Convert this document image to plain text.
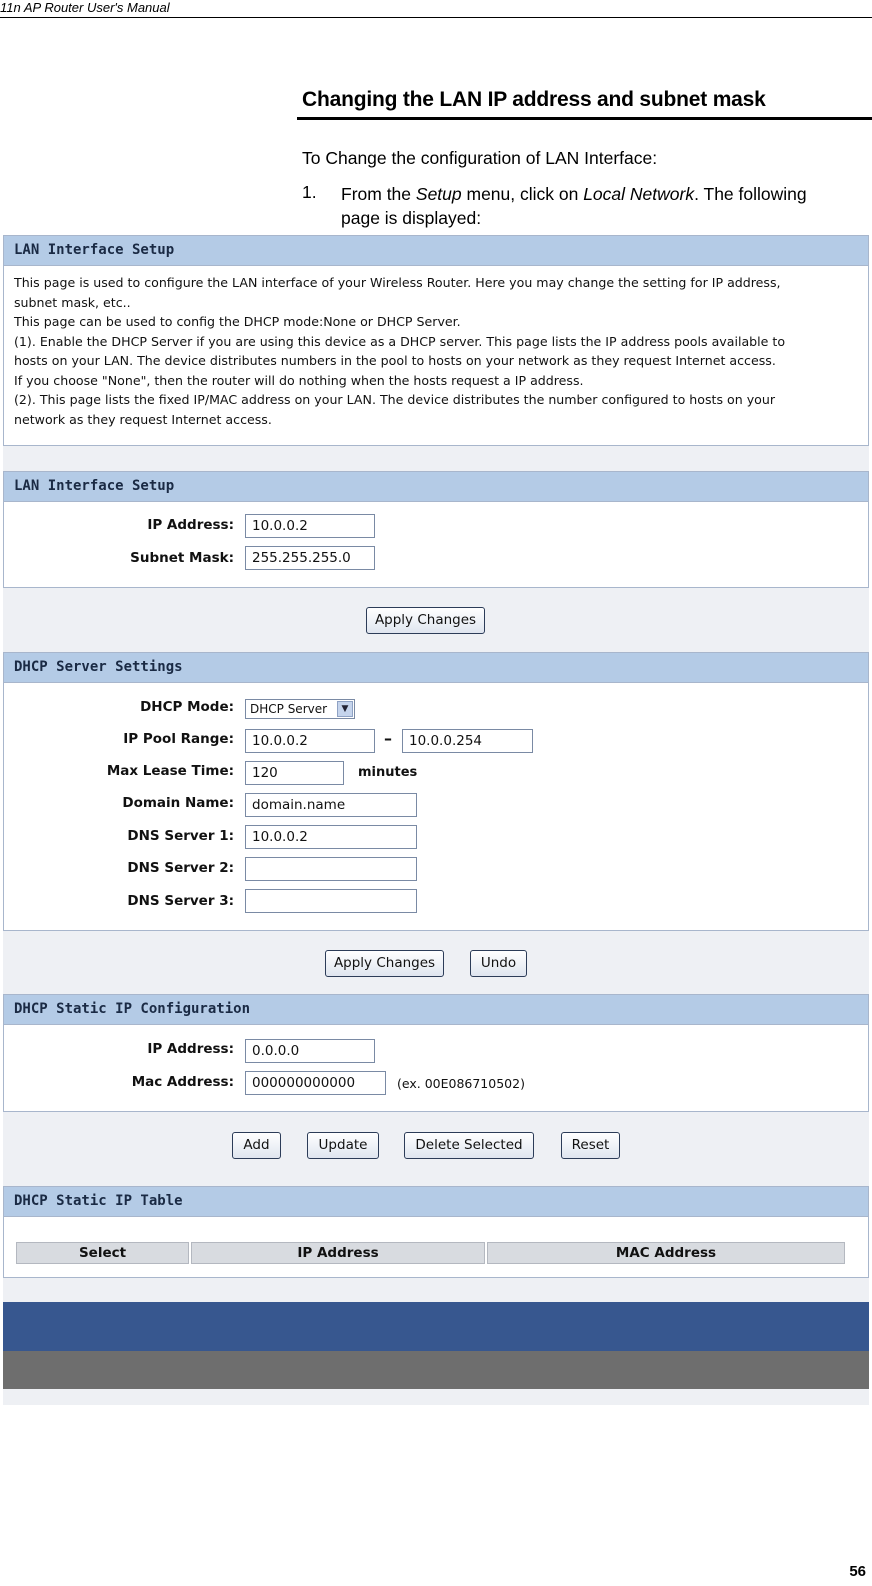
11n AP Router User's Manual
Changing the LAN IP address and subnet mask
To Change the configuration of LAN Interface:
1. From the Setup menu, click on Local Network. The following page is displayed:
LAN Interface Setup
This page is used to configure the LAN interface of your Wireless Router. Here you may change the setting for IP address,
subnet mask, etc..
This page can be used to config the DHCP mode:None or DHCP Server.
(1). Enable the DHCP Server if you are using this device as a DHCP server. This page lists the IP address pools available to
hosts on your LAN. The device distributes numbers in the pool to hosts on your network as they request Internet access.
If you choose "None", then the router will do nothing when the hosts request a IP address.
(2). This page lists the fixed IP/MAC address on your LAN. The device distributes the number configured to hosts on your
network as they request Internet access.
LAN Interface Setup
IP Address:	10.0.0.2
Subnet Mask:	255.255.255.0
Apply Changes
DHCP Server Settings
DHCP Mode:	DHCP Server	▼
IP Pool Range:	10.0.0.2	–	10.0.0.254
Max Lease Time:	120	minutes
Domain Name:	domain.name
DNS Server 1:	10.0.0.2
DNS Server 2:
DNS Server 3:
Apply Changes	Undo
DHCP Static IP Configuration
IP Address:	0.0.0.0
Mac Address:	000000000000	(ex. 00E086710502)
Add	Update	Delete Selected	Reset
DHCP Static IP Table
Select	IP Address	MAC Address
56
